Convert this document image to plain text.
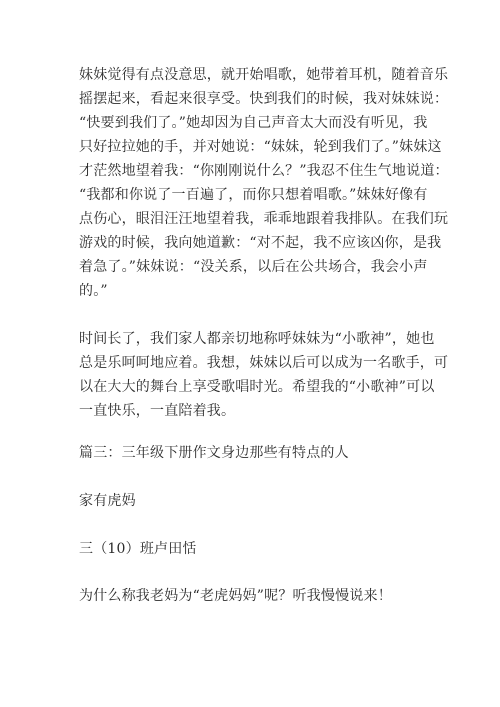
妹妹觉得有点没意思，就开始唱歌，她带着耳机，随着音乐
摇摆起来，看起来很享受。快到我们的时候，我对妹妹说：
“快要到我们了。”她却因为自己声音太大而没有听见，我
只好拉拉她的手，并对她说：“妹妹，轮到我们了。”妹妹这
才茫然地望着我：“你刚刚说什么？”我忍不住生气地说道：
“我都和你说了一百遍了，而你只想着唱歌。”妹妹好像有
点伤心，眼泪汪汪地望着我，乖乖地跟着我排队。在我们玩
游戏的时候，我向她道歉：“对不起，我不应该凶你，是我
着急了。”妹妹说：“没关系，以后在公共场合，我会小声
的。”
时间长了，我们家人都亲切地称呼妹妹为“小歌神”，她也
总是乐呵呵地应着。我想，妹妹以后可以成为一名歌手，可
以在大大的舞台上享受歌唱时光。希望我的“小歌神”可以
一直快乐，一直陪着我。
篇三：三年级下册作文身边那些有特点的人
家有虎妈
三（10）班卢田恬
为什么称我老妈为“老虎妈妈”呢？听我慢慢说来！
